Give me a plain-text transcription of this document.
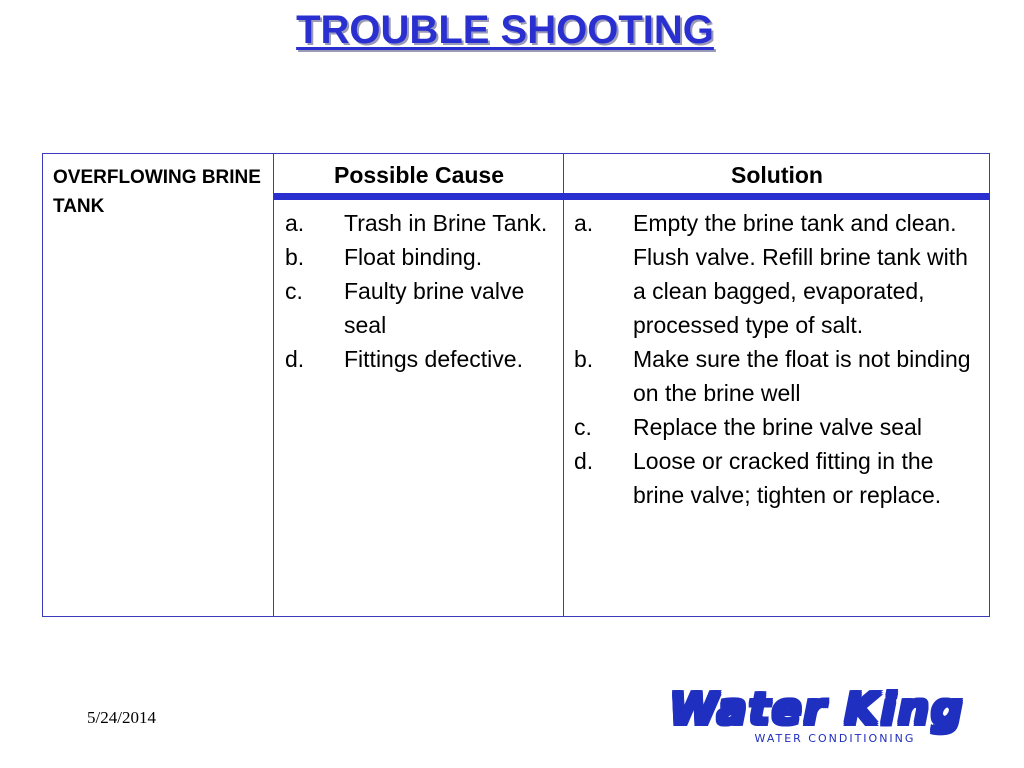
TROUBLE SHOOTING
OVERFLOWING BRINE TANK
Possible Cause	Solution
a. Trash in Brine Tank.
b. Float binding.
c. Faulty brine valve seal
d. Fittings defective.
a. Empty the brine tank and clean. Flush valve. Refill brine tank with a clean bagged, evaporated, processed type of salt.
b. Make sure the float is not binding on the brine well
c. Replace the brine valve seal
d. Loose or cracked fitting in the brine valve; tighten or replace.
5/24/2014	Water King
WATER CONDITIONING
